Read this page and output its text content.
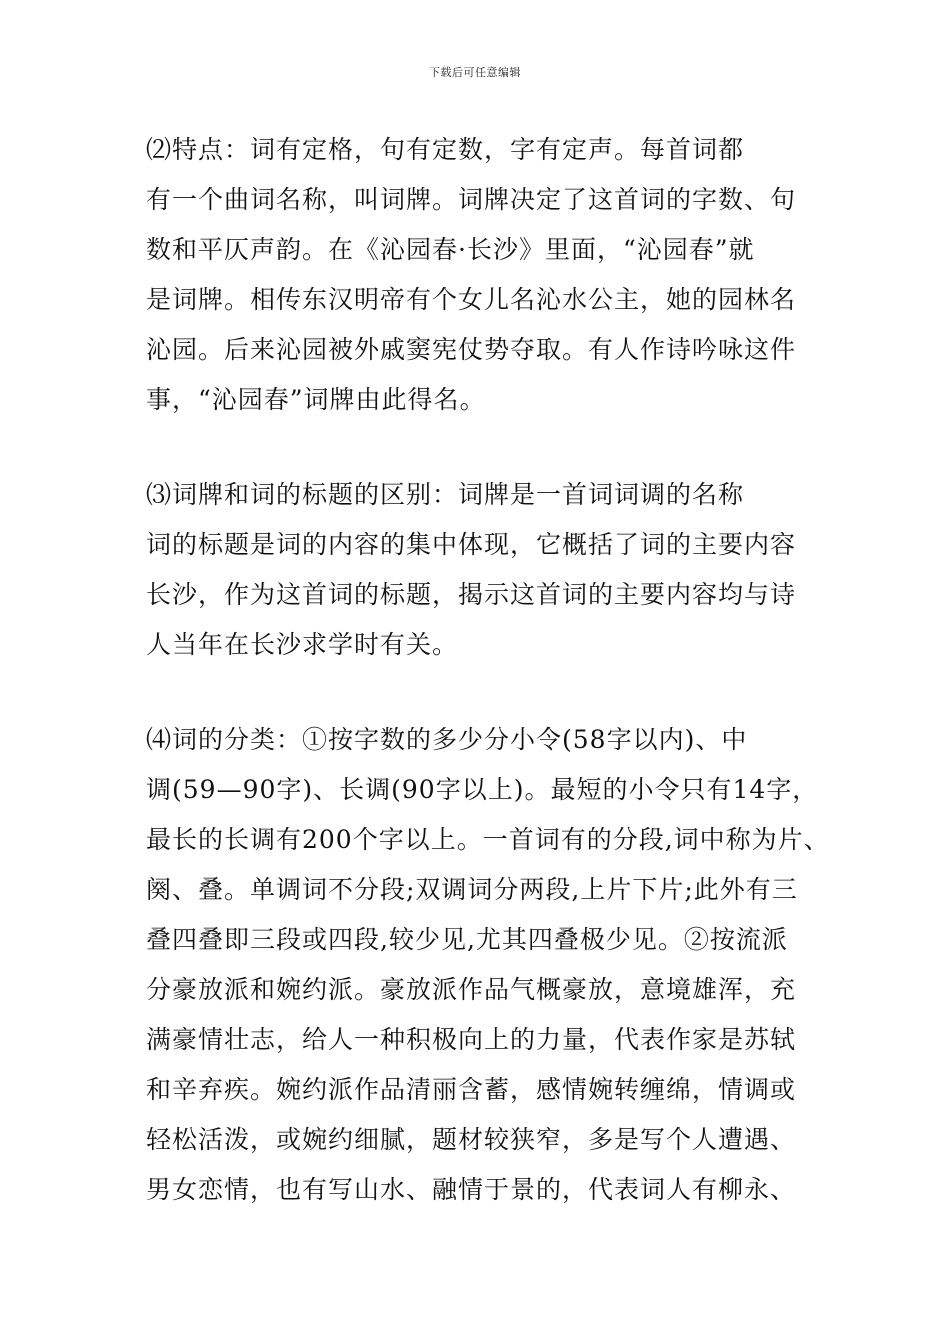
下载后可任意编辑
⑵特点：词有定格，句有定数，字有定声。每首词都
有一个曲词名称，叫词牌。词牌决定了这首词的字数、句
数和平仄声韵。在《沁园春·长沙》里面，“沁园春”就
是词牌。相传东汉明帝有个女儿名沁水公主，她的园林名
沁园。后来沁园被外戚窦宪仗势夺取。有人作诗吟咏这件
事，“沁园春”词牌由此得名。
⑶词牌和词的标题的区别：词牌是一首词词调的名称
词的标题是词的内容的集中体现，它概括了词的主要内容
长沙，作为这首词的标题，揭示这首词的主要内容均与诗
人当年在长沙求学时有关。
⑷词的分类：①按字数的多少分小令(58字以内)、中
调(59—90字)、长调(90字以上)。最短的小令只有14字，
最长的长调有200个字以上。一首词有的分段,词中称为片、
阕、叠。单调词不分段;双调词分两段,上片下片;此外有三
叠四叠即三段或四段,较少见,尤其四叠极少见。②按流派
分豪放派和婉约派。豪放派作品气概豪放，意境雄浑，充
满豪情壮志，给人一种积极向上的力量，代表作家是苏轼
和辛弃疾。婉约派作品清丽含蓄，感情婉转缠绵，情调或
轻松活泼，或婉约细腻，题材较狭窄，多是写个人遭遇、
男女恋情，也有写山水、融情于景的，代表词人有柳永、
